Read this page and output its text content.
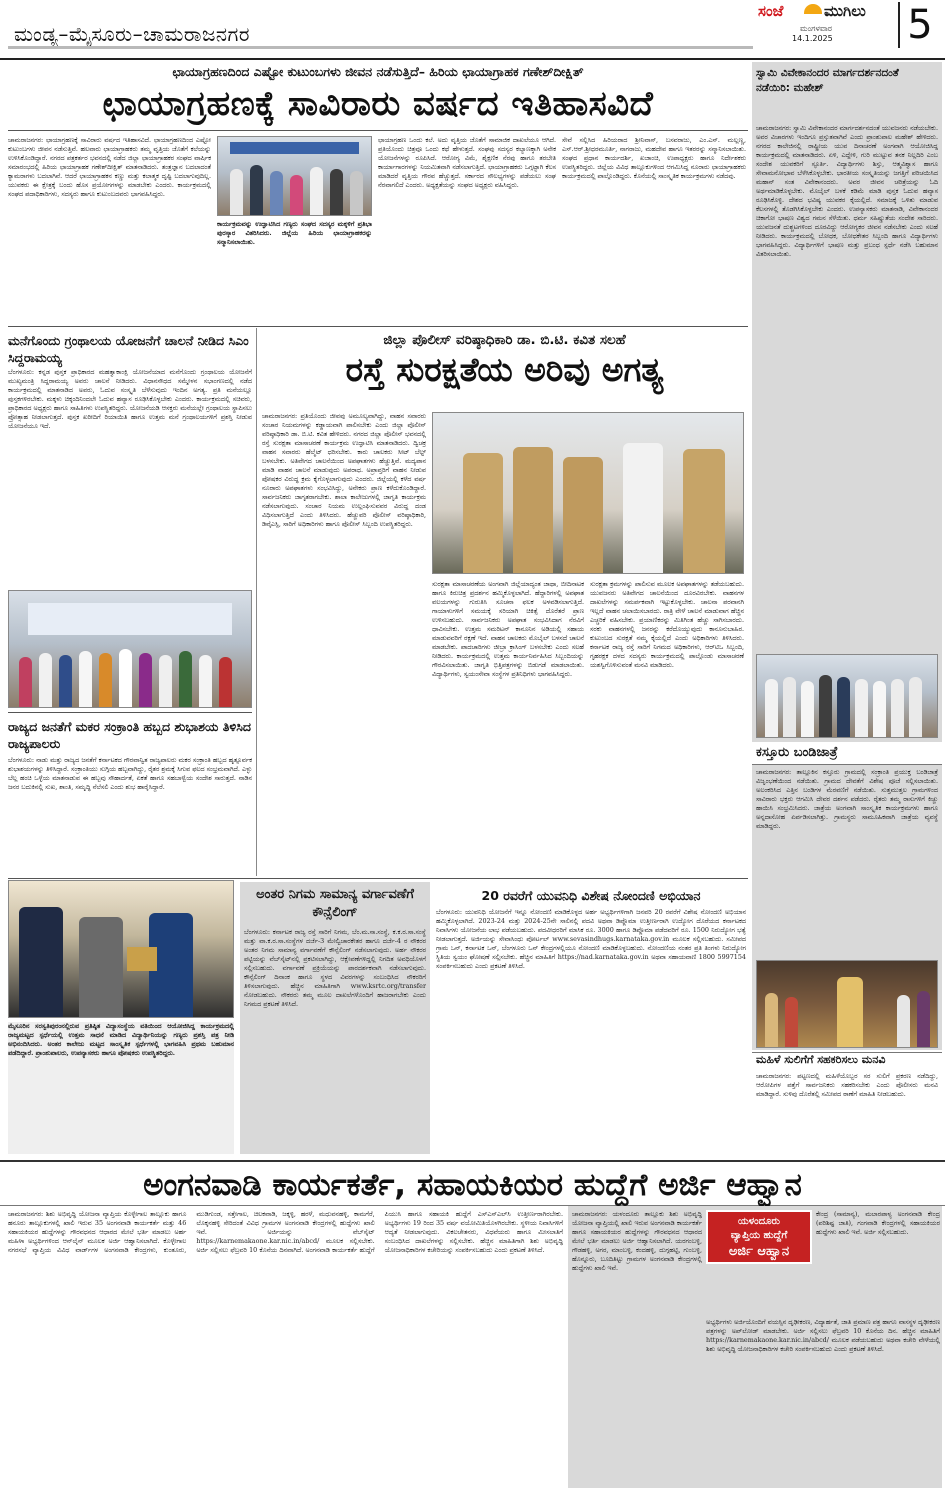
ಮಂಡ್ಯ–ಮೈಸೂರು–ಚಾಮರಾಜನಗರ
ಸಂಜೆ	ಮುಗಿಲು
ಮಂಗಳವಾರ
14.1.2025 5
ಛಾಯಾಗ್ರಹಣದಿಂದ ಎಷ್ಟೋ ಕುಟುಂಬಗಳು ಜೀವನ ನಡೆಸುತ್ತಿದೆ– ಹಿರಿಯ ಛಾಯಾಗ್ರಾಹಕ ಗಣೇಶ್‌ದೀಕ್ಷಿತ್
ಛಾಯಾಗ್ರಹಣಕ್ಕೆ ಸಾವಿರಾರು ವರ್ಷದ ಇತಿಹಾಸವಿದೆ
ಚಾಮರಾಜನಗರ: ಛಾಯಾಗ್ರಹಣಕ್ಕೆ ಸಾವಿರಾರು ವರ್ಷದ ಇತಿಹಾಸವಿದೆ. ಛಾಯಾಗ್ರಹಣದಿಂದ ಎಷ್ಟೋ ಕುಟುಂಬಗಳು ಜೀವನ ನಡೆಸುತ್ತಿವೆ. ಹಲವಾರು ಛಾಯಾಗ್ರಾಹಕರು ತಮ್ಮ ವೃತ್ತಿಯ ಜೊತೆಗೆ ಕಲೆಯನ್ನು ಉಳಿಸಿಕೊಂಡಿದ್ದಾರೆ. ನಗರದ ಪತ್ರಕರ್ತರ ಭವನದಲ್ಲಿ ನಡೆದ ಜಿಲ್ಲಾ ಛಾಯಾಗ್ರಾಹಕರ ಸಂಘದ ವಾರ್ಷಿಕ ಸಮಾರಂಭದಲ್ಲಿ ಹಿರಿಯ ಛಾಯಾಗ್ರಾಹಕ ಗಣೇಶ್‌ದೀಕ್ಷಿತ್ ಮಾತನಾಡಿದರು. ತಂತ್ರಜ್ಞಾನ ಬದಲಾದಂತೆ ಕ್ಯಾಮರಾಗಳು ಬದಲಾಗಿವೆ. ಆದರೆ ಛಾಯಾಗ್ರಾಹಕನ ಕಣ್ಣು ಮತ್ತು ಕಲಾತ್ಮಕ ದೃಷ್ಟಿ ಬದಲಾಗುವುದಿಲ್ಲ. ಯುವಕರು ಈ ಕ್ಷೇತ್ರಕ್ಕೆ ಬಂದು ಹೊಸ ಪ್ರಯೋಗಗಳನ್ನು ಮಾಡಬೇಕು ಎಂದರು. ಕಾರ್ಯಕ್ರಮದಲ್ಲಿ ಸಂಘದ ಪದಾಧಿಕಾರಿಗಳು, ಸದಸ್ಯರು ಹಾಗೂ ಕುಟುಂಬದವರು ಭಾಗವಹಿಸಿದ್ದರು.
ಕಾರ್ಯಕ್ರಮವನ್ನು ಉದ್ಘಾಟಿಸಿದ ಗಣ್ಯರು ಸಂಘದ ಸದಸ್ಯರ ಮಕ್ಕಳಿಗೆ ಪ್ರತಿಭಾ ಪುರಸ್ಕಾರ ವಿತರಿಸಿದರು. ಜಿಲ್ಲೆಯ ಹಿರಿಯ ಛಾಯಾಗ್ರಾಹಕರನ್ನು ಸನ್ಮಾನಿಸಲಾಯಿತು.
ಛಾಯಾಗ್ರಹಣ ಒಂದು ಕಲೆ. ಅದು ವೃತ್ತಿಯ ಜೊತೆಗೆ ಸಾಮಾಜಿಕ ದಾಖಲೆಯೂ ಆಗಿದೆ. ಪ್ರತಿಯೊಂದು ಚಿತ್ರವೂ ಒಂದು ಕಥೆ ಹೇಳುತ್ತದೆ. ಸಂಘವು ಸದಸ್ಯರ ಕಲ್ಯಾಣಕ್ಕಾಗಿ ಅನೇಕ ಯೋಜನೆಗಳನ್ನು ರೂಪಿಸಿದೆ. ಆರೋಗ್ಯ ವಿಮೆ, ಶೈಕ್ಷಣಿಕ ನೆರವು ಹಾಗೂ ತರಬೇತಿ ಕಾರ್ಯಾಗಾರಗಳನ್ನು ನಿಯಮಿತವಾಗಿ ನಡೆಸಲಾಗುತ್ತಿದೆ. ಛಾಯಾಗ್ರಾಹಕರು ಒಗ್ಗಟ್ಟಾಗಿ ಕೆಲಸ ಮಾಡಿದರೆ ವೃತ್ತಿಯ ಗೌರವ ಹೆಚ್ಚುತ್ತದೆ. ಸರ್ಕಾರದ ಸೌಲಭ್ಯಗಳನ್ನು ಪಡೆಯಲು ಸಂಘ ನೆರವಾಗಲಿದೆ ಎಂದರು. ಅಧ್ಯಕ್ಷತೆಯನ್ನು ಸಂಘದ ಅಧ್ಯಕ್ಷರು ವಹಿಸಿದ್ದರು.
ಸೇವೆ ಸಲ್ಲಿಸಿದ ಹಿರಿಯರಾದ ಶ್ರೀನಿವಾಸ್, ಬಸವರಾಜು, ಎಂ.ಎಸ್. ಮಲ್ಲಣ್ಣ, ಎಸ್.ಆರ್.ಶ್ರೀಧರಮೂರ್ತಿ, ನಾಗರಾಜು, ಮಹದೇವ ಹಾಗೂ ಇತರರನ್ನು ಸನ್ಮಾನಿಸಲಾಯಿತು. ಸಂಘದ ಪ್ರಧಾನ ಕಾರ್ಯದರ್ಶಿ, ಖಜಾಂಚಿ, ಉಪಾಧ್ಯಕ್ಷರು ಹಾಗೂ ನಿರ್ದೇಶಕರು ಉಪಸ್ಥಿತರಿದ್ದರು. ಜಿಲ್ಲೆಯ ವಿವಿಧ ತಾಲ್ಲೂಕುಗಳಿಂದ ಆಗಮಿಸಿದ್ದ ನೂರಾರು ಛಾಯಾಗ್ರಾಹಕರು ಕಾರ್ಯಕ್ರಮದಲ್ಲಿ ಪಾಲ್ಗೊಂಡಿದ್ದರು. ಕೊನೆಯಲ್ಲಿ ಸಾಂಸ್ಕೃತಿಕ ಕಾರ್ಯಕ್ರಮಗಳು ನಡೆದವು.
ಸ್ವಾಮಿ ವಿವೇಕಾನಂದರ ಮಾರ್ಗದರ್ಶನದಂತೆ ನಡೆಯಿರಿ: ಮಹೇಶ್
ಚಾಮರಾಜನಗರ: ಸ್ವಾಮಿ ವಿವೇಕಾನಂದರ ಮಾರ್ಗದರ್ಶನದಂತೆ ಯುವಜನರು ನಡೆಯಬೇಕು. ಅವರ ವಿಚಾರಗಳು ಇಂದಿಗೂ ಪ್ರಸ್ತುತವಾಗಿವೆ ಎಂದು ಪ್ರಾಂಶುಪಾಲ ಮಹೇಶ್ ಹೇಳಿದರು. ನಗರದ ಕಾಲೇಜಿನಲ್ಲಿ ರಾಷ್ಟ್ರೀಯ ಯುವ ದಿನಾಚರಣೆ ಅಂಗವಾಗಿ ಆಯೋಜಿಸಿದ್ದ ಕಾರ್ಯಕ್ರಮದಲ್ಲಿ ಮಾತನಾಡಿದರು. ಏಳಿ, ಎದ್ದೇಳಿ, ಗುರಿ ಮುಟ್ಟುವ ತನಕ ನಿಲ್ಲದಿರಿ ಎಂಬ ಸಂದೇಶ ಯುವಕರಿಗೆ ಸ್ಫೂರ್ತಿ. ವಿದ್ಯಾರ್ಥಿಗಳು ಶಿಸ್ತು, ಆತ್ಮವಿಶ್ವಾಸ ಹಾಗೂ ಸೇವಾಮನೋಭಾವ ಬೆಳೆಸಿಕೊಳ್ಳಬೇಕು. ಭಾರತೀಯ ಸಂಸ್ಕೃತಿಯನ್ನು ಜಗತ್ತಿಗೆ ಪರಿಚಯಿಸಿದ ಮಹಾನ್ ಸಂತ ವಿವೇಕಾನಂದರು. ಅವರ ಜೀವನ ಚರಿತ್ರೆಯನ್ನು ಓದಿ ಅರ್ಥಮಾಡಿಕೊಳ್ಳಬೇಕು. ಮೊಬೈಲ್ ಬಳಕೆ ಕಡಿಮೆ ಮಾಡಿ ಪುಸ್ತಕ ಓದುವ ಹವ್ಯಾಸ ರೂಢಿಸಿಕೊಳ್ಳಿ. ದೇಶದ ಭವಿಷ್ಯ ಯುವಕರ ಕೈಯಲ್ಲಿದೆ. ಸಮಾಜಕ್ಕೆ ಒಳಿತು ಮಾಡುವ ಕೆಲಸಗಳಲ್ಲಿ ತೊಡಗಿಸಿಕೊಳ್ಳಬೇಕು ಎಂದರು. ಉಪನ್ಯಾಸಕರು ಮಾತನಾಡಿ, ವಿವೇಕಾನಂದರ ಚಿಕಾಗೋ ಭಾಷಣ ವಿಶ್ವದ ಗಮನ ಸೆಳೆಯಿತು. ಧರ್ಮ ಸಹಿಷ್ಣುತೆಯ ಸಂದೇಶ ಸಾರಿದರು. ಯುವಜನತೆ ದುಶ್ಚಟಗಳಿಂದ ದೂರವಿದ್ದು ಆರೋಗ್ಯಕರ ಜೀವನ ನಡೆಸಬೇಕು ಎಂದು ಸಲಹೆ ನೀಡಿದರು. ಕಾರ್ಯಕ್ರಮದಲ್ಲಿ ಬೋಧಕ, ಬೋಧಕೇತರ ಸಿಬ್ಬಂದಿ ಹಾಗೂ ವಿದ್ಯಾರ್ಥಿಗಳು ಭಾಗವಹಿಸಿದ್ದರು. ವಿದ್ಯಾರ್ಥಿಗಳಿಗೆ ಭಾಷಣ ಮತ್ತು ಪ್ರಬಂಧ ಸ್ಪರ್ಧೆ ನಡೆಸಿ ಬಹುಮಾನ ವಿತರಿಸಲಾಯಿತು.
ಕಸ್ತೂರು ಬಂಡಿಜಾತ್ರೆ
ಚಾಮರಾಜನಗರ: ತಾಲ್ಲೂಕಿನ ಕಸ್ತೂರು ಗ್ರಾಮದಲ್ಲಿ ಸಂಕ್ರಾಂತಿ ಪ್ರಯುಕ್ತ ಬಂಡಿಜಾತ್ರೆ ವಿಜೃಂಭಣೆಯಿಂದ ನಡೆಯಿತು. ಗ್ರಾಮದ ದೇವತೆಗೆ ವಿಶೇಷ ಪೂಜೆ ಸಲ್ಲಿಸಲಾಯಿತು. ಅಲಂಕರಿಸಿದ ಎತ್ತಿನ ಬಂಡಿಗಳ ಮೆರವಣಿಗೆ ನಡೆಯಿತು. ಸುತ್ತಮುತ್ತಲ ಗ್ರಾಮಗಳಿಂದ ಸಾವಿರಾರು ಭಕ್ತರು ಆಗಮಿಸಿ ದೇವರ ದರ್ಶನ ಪಡೆದರು. ರೈತರು ತಮ್ಮ ರಾಸುಗಳಿಗೆ ಕಿಚ್ಚು ಹಾಯಿಸಿ ಸಂಭ್ರಮಿಸಿದರು. ಜಾತ್ರೆಯ ಅಂಗವಾಗಿ ಸಾಂಸ್ಕೃತಿಕ ಕಾರ್ಯಕ್ರಮಗಳು ಹಾಗೂ ಅನ್ನದಾಸೋಹ ಏರ್ಪಡಿಸಲಾಗಿತ್ತು. ಗ್ರಾಮಸ್ಥರು ಸಾಮೂಹಿಕವಾಗಿ ಜಾತ್ರೆಯ ವ್ಯವಸ್ಥೆ ಮಾಡಿದ್ದರು.
ಮಹಿಳೆ ಸುಲಿಗೆಗೆ ಸಹಕರಿಸಲು ಮನವಿ
ಚಾಮರಾಜನಗರ: ಪಟ್ಟಣದಲ್ಲಿ ಮಹಿಳೆಯೊಬ್ಬರ ಸರ ಸುಲಿಗೆ ಪ್ರಕರಣ ನಡೆದಿದ್ದು, ಆರೋಪಿಗಳ ಪತ್ತೆಗೆ ಸಾರ್ವಜನಿಕರು ಸಹಕರಿಸಬೇಕು ಎಂದು ಪೊಲೀಸರು ಮನವಿ ಮಾಡಿದ್ದಾರೆ. ಸುಳಿವು ದೊರೆತಲ್ಲಿ ಸಮೀಪದ ಠಾಣೆಗೆ ಮಾಹಿತಿ ನೀಡಬಹುದು.
ಮನೆಗೊಂದು ಗ್ರಂಥಾಲಯ ಯೋಜನೆಗೆ ಚಾಲನೆ ನೀಡಿದ ಸಿಎಂ ಸಿದ್ದರಾಮಯ್ಯ
ಬೆಂಗಳೂರು: ಕನ್ನಡ ಪುಸ್ತಕ ಪ್ರಾಧಿಕಾರದ ಮಹತ್ವಾಕಾಂಕ್ಷಿ ಯೋಜನೆಯಾದ ಮನೆಗೊಂದು ಗ್ರಂಥಾಲಯ ಯೋಜನೆಗೆ ಮುಖ್ಯಮಂತ್ರಿ ಸಿದ್ದರಾಮಯ್ಯ ಅವರು ಚಾಲನೆ ನೀಡಿದರು. ವಿಧಾನಸೌಧದ ಸಮ್ಮೇಳನ ಸಭಾಂಗಣದಲ್ಲಿ ನಡೆದ ಕಾರ್ಯಕ್ರಮದಲ್ಲಿ ಮಾತನಾಡಿದ ಅವರು, ಓದುವ ಸಂಸ್ಕೃತಿ ಬೆಳೆಸುವುದು ಇಂದಿನ ಅಗತ್ಯ. ಪ್ರತಿ ಮನೆಯಲ್ಲೂ ಪುಸ್ತಕಗಳಿರಬೇಕು. ಮಕ್ಕಳು ಚಿಕ್ಕಂದಿನಿಂದಲೇ ಓದುವ ಹವ್ಯಾಸ ರೂಢಿಸಿಕೊಳ್ಳಬೇಕು ಎಂದರು. ಕಾರ್ಯಕ್ರಮದಲ್ಲಿ ಸಚಿವರು, ಪ್ರಾಧಿಕಾರದ ಅಧ್ಯಕ್ಷರು ಹಾಗೂ ಸಾಹಿತಿಗಳು ಉಪಸ್ಥಿತರಿದ್ದರು. ಯೋಜನೆಯಡಿ ಆಸಕ್ತರು ಮನೆಯಲ್ಲೇ ಗ್ರಂಥಾಲಯ ಸ್ಥಾಪಿಸಲು ಪ್ರೋತ್ಸಾಹ ನೀಡಲಾಗುತ್ತದೆ. ಪುಸ್ತಕ ಖರೀದಿಗೆ ರಿಯಾಯಿತಿ ಹಾಗೂ ಉತ್ತಮ ಮನೆ ಗ್ರಂಥಾಲಯಗಳಿಗೆ ಪ್ರಶಸ್ತಿ ನೀಡುವ ಯೋಜನೆಯೂ ಇದೆ.
ಜಿಲ್ಲಾ ಪೊಲೀಸ್ ವರಿಷ್ಠಾಧಿಕಾರಿ ಡಾ. ಬಿ.ಟಿ. ಕವಿತ ಸಲಹೆ
ರಸ್ತೆ ಸುರಕ್ಷತೆಯ ಅರಿವು ಅಗತ್ಯ
ಚಾಮರಾಜನಗರ: ಪ್ರತಿಯೊಂದು ಜೀವವು ಅಮೂಲ್ಯವಾಗಿದ್ದು, ವಾಹನ ಸವಾರರು ಸಂಚಾರ ನಿಯಮಗಳನ್ನು ಕಡ್ಡಾಯವಾಗಿ ಪಾಲಿಸಬೇಕು ಎಂದು ಜಿಲ್ಲಾ ಪೊಲೀಸ್ ವರಿಷ್ಠಾಧಿಕಾರಿ ಡಾ. ಬಿ.ಟಿ. ಕವಿತ ಹೇಳಿದರು. ನಗರದ ಜಿಲ್ಲಾ ಪೊಲೀಸ್ ಭವನದಲ್ಲಿ ರಸ್ತೆ ಸುರಕ್ಷತಾ ಮಾಸಾಚರಣೆ ಕಾರ್ಯಕ್ರಮ ಉದ್ಘಾಟಿಸಿ ಮಾತನಾಡಿದರು. ದ್ವಿಚಕ್ರ ವಾಹನ ಸವಾರರು ಹೆಲ್ಮೆಟ್ ಧರಿಸಬೇಕು. ಕಾರು ಚಾಲಕರು ಸೀಟ್ ಬೆಲ್ಟ್ ಬಳಸಬೇಕು. ಅತಿವೇಗದ ಚಾಲನೆಯಿಂದ ಅಪಘಾತಗಳು ಹೆಚ್ಚುತ್ತಿವೆ. ಮದ್ಯಪಾನ ಮಾಡಿ ವಾಹನ ಚಾಲನೆ ಮಾಡುವುದು ಅಪರಾಧ. ಅಪ್ರಾಪ್ತರಿಗೆ ವಾಹನ ನೀಡುವ ಪೋಷಕರ ವಿರುದ್ಧ ಕ್ರಮ ಕೈಗೊಳ್ಳಲಾಗುವುದು ಎಂದರು. ಜಿಲ್ಲೆಯಲ್ಲಿ ಕಳೆದ ವರ್ಷ ನೂರಾರು ಅಪಘಾತಗಳು ಸಂಭವಿಸಿದ್ದು, ಅನೇಕರು ಪ್ರಾಣ ಕಳೆದುಕೊಂಡಿದ್ದಾರೆ. ಸಾರ್ವಜನಿಕರು ಜಾಗೃತರಾಗಬೇಕು. ಶಾಲಾ ಕಾಲೇಜುಗಳಲ್ಲಿ ಜಾಗೃತಿ ಕಾರ್ಯಕ್ರಮ ನಡೆಸಲಾಗುವುದು. ಸಂಚಾರ ನಿಯಮ ಉಲ್ಲಂಘಿಸುವವರ ವಿರುದ್ಧ ದಂಡ ವಿಧಿಸಲಾಗುತ್ತಿದೆ ಎಂದು ತಿಳಿಸಿದರು. ಹೆಚ್ಚುವರಿ ಪೊಲೀಸ್ ವರಿಷ್ಠಾಧಿಕಾರಿ, ಡಿವೈಎಸ್ಪಿ, ಸಾರಿಗೆ ಅಧಿಕಾರಿಗಳು ಹಾಗೂ ಪೊಲೀಸ್ ಸಿಬ್ಬಂದಿ ಉಪಸ್ಥಿತರಿದ್ದರು.
ಸುರಕ್ಷತಾ ಮಾಸಾಚರಣೆಯ ಅಂಗವಾಗಿ ಜಿಲ್ಲೆಯಾದ್ಯಂತ ಜಾಥಾ, ಬೀದಿನಾಟಕ ಹಾಗೂ ಕಿರುಚಿತ್ರ ಪ್ರದರ್ಶನ ಹಮ್ಮಿಕೊಳ್ಳಲಾಗಿದೆ. ಹೆದ್ದಾರಿಗಳಲ್ಲಿ ಅಪಘಾತ ವಲಯಗಳನ್ನು ಗುರುತಿಸಿ ಸೂಚನಾ ಫಲಕ ಅಳವಡಿಸಲಾಗುತ್ತಿದೆ. ಗಾಯಾಳುಗಳಿಗೆ ಸಮಯಕ್ಕೆ ಸರಿಯಾಗಿ ಚಿಕಿತ್ಸೆ ದೊರೆತರೆ ಪ್ರಾಣ ಉಳಿಸಬಹುದು. ಸಾರ್ವಜನಿಕರು ಅಪಘಾತ ಸಂಭವಿಸಿದಾಗ ನೆರವಿಗೆ ಧಾವಿಸಬೇಕು. ಉತ್ತಮ ಸಮರಿಟನ್ ಕಾನೂನಿನ ಅಡಿಯಲ್ಲಿ ಸಹಾಯ ಮಾಡುವವರಿಗೆ ರಕ್ಷಣೆ ಇದೆ. ವಾಹನ ಚಾಲಕರು ಮೊಬೈಲ್ ಬಳಸದೆ ಚಾಲನೆ ಮಾಡಬೇಕು. ಪಾದಚಾರಿಗಳು ಜೀಬ್ರಾ ಕ್ರಾಸಿಂಗ್ ಬಳಸಬೇಕು ಎಂದು ಸಲಹೆ ನೀಡಿದರು. ಕಾರ್ಯಕ್ರಮದಲ್ಲಿ ಉತ್ತಮ ಕಾರ್ಯನಿರ್ವಹಿಸಿದ ಸಿಬ್ಬಂದಿಯನ್ನು ಗೌರವಿಸಲಾಯಿತು. ಜಾಗೃತಿ ಭಿತ್ತಿಪತ್ರಗಳನ್ನು ಬಿಡುಗಡೆ ಮಾಡಲಾಯಿತು. ವಿದ್ಯಾರ್ಥಿಗಳು, ಸ್ವಯಂಸೇವಾ ಸಂಸ್ಥೆಗಳ ಪ್ರತಿನಿಧಿಗಳು ಭಾಗವಹಿಸಿದ್ದರು.
ಸುರಕ್ಷತಾ ಕ್ರಮಗಳನ್ನು ಪಾಲಿಸುವ ಮೂಲಕ ಅಪಘಾತಗಳನ್ನು ತಡೆಯಬಹುದು. ಯುವಜನರು ಅತಿವೇಗದ ಚಾಲನೆಯಿಂದ ದೂರವಿರಬೇಕು. ವಾಹನಗಳ ದಾಖಲೆಗಳನ್ನು ಸಮರ್ಪಕವಾಗಿ ಇಟ್ಟುಕೊಳ್ಳಬೇಕು. ಚಾಲನಾ ಪರವಾನಗಿ ಇಲ್ಲದೆ ವಾಹನ ಚಲಾಯಿಸಬಾರದು. ರಾತ್ರಿ ವೇಳೆ ಚಾಲನೆ ಮಾಡುವಾಗ ಹೆಚ್ಚಿನ ಎಚ್ಚರಿಕೆ ವಹಿಸಬೇಕು. ಪ್ರಯಾಣಿಕರನ್ನು ಮಿತಿಗಿಂತ ಹೆಚ್ಚು ಸಾಗಿಸಬಾರದು. ಸರಕು ವಾಹನಗಳಲ್ಲಿ ಜನರನ್ನು ಕರೆದೊಯ್ಯುವುದು ಕಾನೂನುಬಾಹಿರ. ಕುಟುಂಬದ ಸುರಕ್ಷತೆ ನಮ್ಮ ಕೈಯಲ್ಲಿದೆ ಎಂದು ಅಧಿಕಾರಿಗಳು ತಿಳಿಸಿದರು. ಕರ್ನಾಟಕ ರಾಜ್ಯ ರಸ್ತೆ ಸಾರಿಗೆ ನಿಗಮದ ಅಧಿಕಾರಿಗಳು, ಆರ್‌ಟಿಒ ಸಿಬ್ಬಂದಿ, ಗೃಹರಕ್ಷಕ ದಳದ ಸದಸ್ಯರು ಕಾರ್ಯಕ್ರಮದಲ್ಲಿ ಪಾಲ್ಗೊಂಡು ಮಾಸಾಚರಣೆ ಯಶಸ್ವಿಗೊಳಿಸುವಂತೆ ಮನವಿ ಮಾಡಿದರು.
ರಾಜ್ಯದ ಜನತೆಗೆ ಮಕರ ಸಂಕ್ರಾಂತಿ ಹಬ್ಬದ ಶುಭಾಶಯ ತಿಳಿಸಿದ ರಾಜ್ಯಪಾಲರು
ಬೆಂಗಳೂರು: ನಾಡು ಮತ್ತು ರಾಜ್ಯದ ಜನತೆಗೆ ಕರ್ನಾಟಕದ ಗೌರವಾನ್ವಿತ ರಾಜ್ಯಪಾಲರು ಮಕರ ಸಂಕ್ರಾಂತಿ ಹಬ್ಬದ ಹೃತ್ಪೂರ್ವಕ ಶುಭಾಶಯಗಳನ್ನು ತಿಳಿಸಿದ್ದಾರೆ. ಸಂಕ್ರಾಂತಿಯು ಸುಗ್ಗಿಯ ಹಬ್ಬವಾಗಿದ್ದು, ರೈತರ ಶ್ರಮಕ್ಕೆ ಸಿಗುವ ಫಲದ ಸಂಭ್ರಮವಾಗಿದೆ. ಎಳ್ಳು ಬೆಲ್ಲ ಹಂಚಿ ಒಳ್ಳೆಯ ಮಾತನಾಡುವ ಈ ಹಬ್ಬವು ಸೌಹಾರ್ದತೆ, ಏಕತೆ ಹಾಗೂ ಸಹಬಾಳ್ವೆಯ ಸಂದೇಶ ಸಾರುತ್ತದೆ. ನಾಡಿನ ಜನರ ಬದುಕಿನಲ್ಲಿ ಸುಖ, ಶಾಂತಿ, ಸಮೃದ್ಧಿ ನೆಲೆಸಲಿ ಎಂದು ಶುಭ ಹಾರೈಸಿದ್ದಾರೆ.
ಮೈಸೂರಿನ ಸರಸ್ವತಿಪುರಂನಲ್ಲಿರುವ ಪ್ರತಿಷ್ಠಿತ ವಿದ್ಯಾಸಂಸ್ಥೆಯ ವತಿಯಿಂದ ಆಯೋಜಿಸಿದ್ದ ಕಾರ್ಯಕ್ರಮದಲ್ಲಿ ರಾಜ್ಯಮಟ್ಟದ ಸ್ಪರ್ಧೆಯಲ್ಲಿ ಉತ್ತಮ ಸಾಧನೆ ಮಾಡಿದ ವಿದ್ಯಾರ್ಥಿನಿಯನ್ನು ಗಣ್ಯರು ಪ್ರಶಸ್ತಿ ಪತ್ರ ನೀಡಿ ಅಭಿನಂದಿಸಿದರು. ಅಂತರ ಕಾಲೇಜು ಮಟ್ಟದ ಸಾಂಸ್ಕೃತಿಕ ಸ್ಪರ್ಧೆಗಳಲ್ಲಿ ಭಾಗವಹಿಸಿ ಪ್ರಥಮ ಬಹುಮಾನ ಪಡೆದಿದ್ದಾರೆ. ಪ್ರಾಂಶುಪಾಲರು, ಉಪನ್ಯಾಸಕರು ಹಾಗೂ ಪೋಷಕರು ಉಪಸ್ಥಿತರಿದ್ದರು.
ಅಂತರ ನಿಗಮ ಸಾಮಾನ್ಯ ವರ್ಗಾವಣೆಗೆ ಕೌನ್ಸೆಲಿಂಗ್
ಬೆಂಗಳೂರು: ಕರ್ನಾಟಕ ರಾಜ್ಯ ರಸ್ತೆ ಸಾರಿಗೆ ನಿಗಮ, ಬೆಂ.ಮ.ಸಾ.ಸಂಸ್ಥೆ, ಕ.ಕ.ರ.ಸಾ.ಸಂಸ್ಥೆ ಮತ್ತು ವಾ.ಕ.ರ.ಸಾ.ಸಂಸ್ಥೆಗಳ ದರ್ಜೆ-3 ಮೇಲ್ವಿಚಾರಕೇತರ ಹಾಗೂ ದರ್ಜೆ-4 ರ ನೌಕರರ ಅಂತರ ನಿಗಮ ಸಾಮಾನ್ಯ ವರ್ಗಾವಣೆಗೆ ಕೌನ್ಸೆಲಿಂಗ್ ನಡೆಸಲಾಗುವುದು. ಅರ್ಹ ನೌಕರರ ಪಟ್ಟಿಯನ್ನು ವೆಬ್‌ಸೈಟ್‌ನಲ್ಲಿ ಪ್ರಕಟಿಸಲಾಗಿದ್ದು, ಆಕ್ಷೇಪಣೆಗಳಿದ್ದಲ್ಲಿ ನಿಗದಿತ ಅವಧಿಯೊಳಗೆ ಸಲ್ಲಿಸಬಹುದು. ವರ್ಗಾವಣೆ ಪ್ರಕ್ರಿಯೆಯನ್ನು ಪಾರದರ್ಶಕವಾಗಿ ನಡೆಸಲಾಗುವುದು. ಕೌನ್ಸೆಲಿಂಗ್ ದಿನಾಂಕ ಹಾಗೂ ಸ್ಥಳದ ವಿವರಗಳನ್ನು ಸಂಬಂಧಿಸಿದ ನೌಕರರಿಗೆ ತಿಳಿಸಲಾಗುವುದು. ಹೆಚ್ಚಿನ ಮಾಹಿತಿಗಾಗಿ www.ksrtc.org/transfer ನೋಡಬಹುದು. ನೌಕರರು ತಮ್ಮ ಮೂಲ ದಾಖಲೆಗಳೊಂದಿಗೆ ಹಾಜರಾಗಬೇಕು ಎಂದು ನಿಗಮದ ಪ್ರಕಟಣೆ ತಿಳಿಸಿದೆ.
20 ರವರೆಗೆ ಯುವನಿಧಿ ವಿಶೇಷ ನೋಂದಣಿ ಅಭಿಯಾನ
ಬೆಂಗಳೂರು: ಯುವನಿಧಿ ಯೋಜನೆಗೆ ಇನ್ನೂ ನೋಂದಣಿ ಮಾಡಿಕೊಳ್ಳದ ಅರ್ಹ ಅಭ್ಯರ್ಥಿಗಳಿಗಾಗಿ ಜನವರಿ 20 ರವರೆಗೆ ವಿಶೇಷ ನೋಂದಣಿ ಅಭಿಯಾನ ಹಮ್ಮಿಕೊಳ್ಳಲಾಗಿದೆ. 2023-24 ಮತ್ತು 2024-25ನೇ ಸಾಲಿನಲ್ಲಿ ಪದವಿ ಅಥವಾ ಡಿಪ್ಲೊಮಾ ಉತ್ತೀರ್ಣರಾಗಿ ಉದ್ಯೋಗ ದೊರೆಯದ ಕರ್ನಾಟಕದ ನಿವಾಸಿಗಳು ಯೋಜನೆಯ ಲಾಭ ಪಡೆಯಬಹುದು. ಪದವೀಧರರಿಗೆ ಮಾಸಿಕ ರೂ. 3000 ಹಾಗೂ ಡಿಪ್ಲೊಮಾ ಪಡೆದವರಿಗೆ ರೂ. 1500 ನಿರುದ್ಯೋಗ ಭತ್ಯೆ ನೀಡಲಾಗುತ್ತದೆ. ಅರ್ಜಿಯನ್ನು ಸೇವಾಸಿಂಧು ಪೋರ್ಟಲ್ www.sevasindhugs.karnataka.gov.in ಮೂಲಕ ಸಲ್ಲಿಸಬಹುದು. ಸಮೀಪದ ಗ್ರಾಮ ಒನ್, ಕರ್ನಾಟಕ ಒನ್, ಬೆಂಗಳೂರು ಒನ್ ಕೇಂದ್ರಗಳಲ್ಲಿಯೂ ನೋಂದಣಿ ಮಾಡಿಕೊಳ್ಳಬಹುದು. ನೋಂದಣಿಯ ನಂತರ ಪ್ರತಿ ತಿಂಗಳು ನಿರುದ್ಯೋಗ ಸ್ಥಿತಿಯ ಸ್ವಯಂ ಘೋಷಣೆ ಸಲ್ಲಿಸಬೇಕು. ಹೆಚ್ಚಿನ ಮಾಹಿತಿಗೆ https://nad.karnataka.gov.in ಅಥವಾ ಸಹಾಯವಾಣಿ 1800 5997154 ಸಂಪರ್ಕಿಸಬಹುದು ಎಂದು ಪ್ರಕಟಣೆ ತಿಳಿಸಿದೆ.
ಅಂಗನವಾಡಿ ಕಾರ್ಯಕರ್ತೆ, ಸಹಾಯಕಿಯರ ಹುದ್ದೆಗೆ ಅರ್ಜಿ ಆಹ್ವಾನ
ಚಾಮರಾಜನಗರ: ಶಿಶು ಅಭಿವೃದ್ಧಿ ಯೋಜನಾ ವ್ಯಾಪ್ತಿಯ ಕೊಳ್ಳೇಗಾಲ ತಾಲ್ಲೂಕು ಹಾಗೂ ಹನೂರು ತಾಲ್ಲೂಕುಗಳಲ್ಲಿ ಖಾಲಿ ಇರುವ 35 ಅಂಗನವಾಡಿ ಕಾರ್ಯಕರ್ತೆ ಮತ್ತು 46 ಸಹಾಯಕಿಯರ ಹುದ್ದೆಗಳನ್ನು ಗೌರವಧನದ ಆಧಾರದ ಮೇಲೆ ಭರ್ತಿ ಮಾಡಲು ಅರ್ಹ ಮಹಿಳಾ ಅಭ್ಯರ್ಥಿಗಳಿಂದ ಆನ್‌ಲೈನ್ ಮೂಲಕ ಅರ್ಜಿ ಆಹ್ವಾನಿಸಲಾಗಿದೆ. ಕೊಳ್ಳೇಗಾಲ ನಗರಸಭೆ ವ್ಯಾಪ್ತಿಯ ವಿವಿಧ ವಾರ್ಡ್‌ಗಳ ಅಂಗನವಾಡಿ ಕೇಂದ್ರಗಳು, ಕುಂತೂರು, ಮುಡಿಗುಂಡ, ಸತ್ತೇಗಾಲ, ಚಿಲಕವಾಡಿ, ಜಕ್ಕಳ್ಳಿ, ಹರಳೆ, ಮಧುವನಹಳ್ಳಿ, ಕಾಮಗೆರೆ, ಲೊಕ್ಕನಹಳ್ಳಿ ಸೇರಿದಂತೆ ವಿವಿಧ ಗ್ರಾಮಗಳ ಅಂಗನವಾಡಿ ಕೇಂದ್ರಗಳಲ್ಲಿ ಹುದ್ದೆಗಳು ಖಾಲಿ ಇವೆ. ಅರ್ಜಿಯನ್ನು ವೆಬ್‌ಸೈಟ್ https://karnemakaone.kar.nic.in/abcd/ ಮೂಲಕ ಸಲ್ಲಿಸಬೇಕು. ಅರ್ಜಿ ಸಲ್ಲಿಸಲು ಫೆಬ್ರವರಿ 10 ಕೊನೆಯ ದಿನವಾಗಿದೆ. ಅಂಗನವಾಡಿ ಕಾರ್ಯಕರ್ತೆ ಹುದ್ದೆಗೆ ಪಿಯುಸಿ ಹಾಗೂ ಸಹಾಯಕಿ ಹುದ್ದೆಗೆ ಎಸ್‌ಎಸ್‌ಎಲ್‌ಸಿ ಉತ್ತೀರ್ಣರಾಗಿರಬೇಕು. ಅಭ್ಯರ್ಥಿಗಳು 19 ರಿಂದ 35 ವರ್ಷ ವಯೋಮಿತಿಯೊಳಗಿರಬೇಕು. ಸ್ಥಳೀಯ ನಿವಾಸಿಗಳಿಗೆ ಆದ್ಯತೆ ನೀಡಲಾಗುವುದು. ವಿಕಲಚೇತನರು, ವಿಧವೆಯರು ಹಾಗೂ ಮೀಸಲಾತಿಗೆ ಸಂಬಂಧಿಸಿದ ದಾಖಲೆಗಳನ್ನು ಸಲ್ಲಿಸಬೇಕು. ಹೆಚ್ಚಿನ ಮಾಹಿತಿಗಾಗಿ ಶಿಶು ಅಭಿವೃದ್ಧಿ ಯೋಜನಾಧಿಕಾರಿಗಳ ಕಚೇರಿಯನ್ನು ಸಂಪರ್ಕಿಸಬಹುದು ಎಂದು ಪ್ರಕಟಣೆ ತಿಳಿಸಿದೆ.
ಚಾಮರಾಜನಗರ: ಯಳಂದೂರು ತಾಲ್ಲೂಕು ಶಿಶು ಅಭಿವೃದ್ಧಿ ಯೋಜನಾ ವ್ಯಾಪ್ತಿಯಲ್ಲಿ ಖಾಲಿ ಇರುವ ಅಂಗನವಾಡಿ ಕಾರ್ಯಕರ್ತೆ ಹಾಗೂ ಸಹಾಯಕಿಯರ ಹುದ್ದೆಗಳನ್ನು ಗೌರವಧನದ ಆಧಾರದ ಮೇಲೆ ಭರ್ತಿ ಮಾಡಲು ಅರ್ಜಿ ಆಹ್ವಾನಿಸಲಾಗಿದೆ. ಯರಗಂಬಳ್ಳಿ, ಗೌಡಹಳ್ಳಿ, ಅಗರ, ಮಾಂಬಳ್ಳಿ, ಕಂದಹಳ್ಳಿ, ದುಗ್ಗಹಟ್ಟಿ, ಗುಂಬಳ್ಳಿ, ಹೊನ್ನೂರು, ಬೂದಿತಿಟ್ಟು ಗ್ರಾಮಗಳ ಅಂಗನವಾಡಿ ಕೇಂದ್ರಗಳಲ್ಲಿ ಹುದ್ದೆಗಳು ಖಾಲಿ ಇವೆ.
ಯಳಂದೂರು
ವ್ಯಾಪ್ತಿಯ ಹುದ್ದೆಗೆ
ಅರ್ಜಿ ಆಹ್ವಾನ
ಕೇಂದ್ರ (ಸಾಮಾನ್ಯ), ಮಲಾರಪಾಳ್ಯ ಅಂಗನವಾಡಿ ಕೇಂದ್ರ (ಪರಿಶಿಷ್ಟ ಜಾತಿ), ಗಂಗವಾಡಿ ಕೇಂದ್ರಗಳಲ್ಲಿ ಸಹಾಯಕಿಯರ ಹುದ್ದೆಗಳು ಖಾಲಿ ಇವೆ. ಅರ್ಜಿ ಸಲ್ಲಿಸಬಹುದು.
ಅಭ್ಯರ್ಥಿಗಳು ಅರ್ಜಿಯೊಂದಿಗೆ ವಯಸ್ಸಿನ ದೃಢೀಕರಣ, ವಿದ್ಯಾರ್ಹತೆ, ಜಾತಿ ಪ್ರಮಾಣ ಪತ್ರ ಹಾಗೂ ವಾಸಸ್ಥಳ ದೃಢೀಕರಣ ಪತ್ರಗಳನ್ನು ಅಪ್‌ಲೋಡ್ ಮಾಡಬೇಕು. ಅರ್ಜಿ ಸಲ್ಲಿಸಲು ಫೆಬ್ರವರಿ 10 ಕೊನೆಯ ದಿನ. ಹೆಚ್ಚಿನ ಮಾಹಿತಿಗೆ https://karnemakaone.kar.nic.in/abcd/ ಮೂಲಕ ಪಡೆಯಬಹುದು ಅಥವಾ ಕಚೇರಿ ವೇಳೆಯಲ್ಲಿ ಶಿಶು ಅಭಿವೃದ್ಧಿ ಯೋಜನಾಧಿಕಾರಿಗಳ ಕಚೇರಿ ಸಂಪರ್ಕಿಸಬಹುದು ಎಂದು ಪ್ರಕಟಣೆ ತಿಳಿಸಿದೆ.
